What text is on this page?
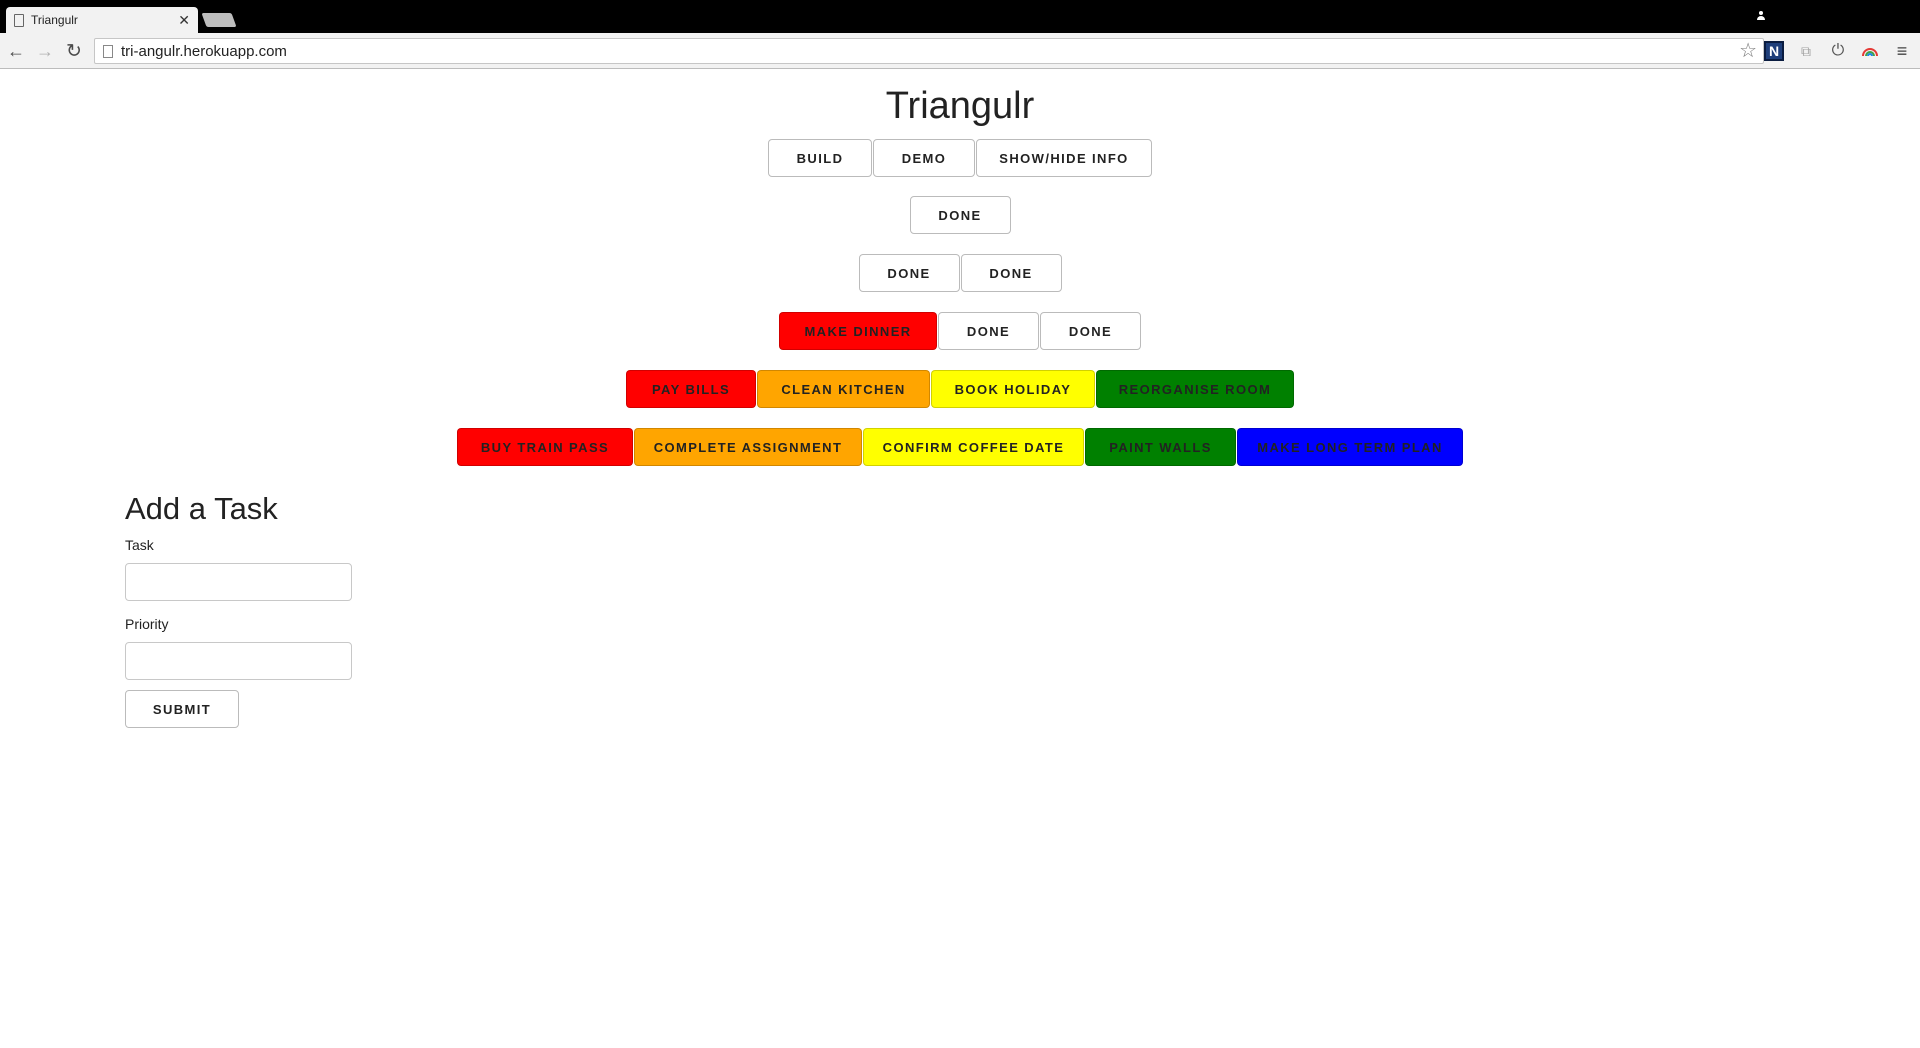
Triangulr	✕
← → ↻	tri-angulr.herokuapp.com	☆ N	⧉	⏻	≡
Triangulr
BUILD	DEMO	SHOW/HIDE INFO
DONE
DONE	DONE
MAKE DINNER	DONE	DONE
PAY BILLS	CLEAN KITCHEN	BOOK HOLIDAY	REORGANISE ROOM
BUY TRAIN PASS	COMPLETE ASSIGNMENT	CONFIRM COFFEE DATE	PAINT WALLS	MAKE LONG TERM PLAN
Add a Task
Task
Priority
SUBMIT
